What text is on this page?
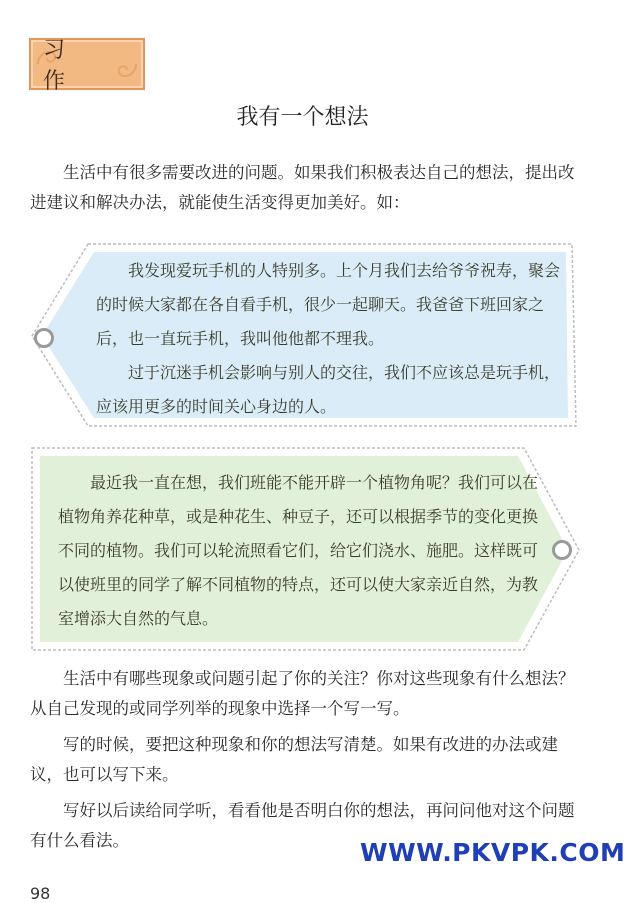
习 作
我有一个想法

生活中有很多需要改进的问题。如果我们积极表达自己的想法，提出改进建议和解决办法，就能使生活变得更加美好。如：

我发现爱玩手机的人特别多。上个月我们去给爷爷祝寿，聚会的时候大家都在各自看手机，很少一起聊天。我爸爸下班回家之后，也一直玩手机，我叫他他都不理我。

过于沉迷手机会影响与别人的交往，我们不应该总是玩手机，应该用更多的时间关心身边的人。

最近我一直在想，我们班能不能开辟一个植物角呢？我们可以在植物角养花种草，或是种花生、种豆子，还可以根据季节的变化更换不同的植物。我们可以轮流照看它们，给它们浇水、施肥。这样既可以使班里的同学了解不同植物的特点，还可以使大家亲近自然，为教室增添大自然的气息。

生活中有哪些现象或问题引起了你的关注？你对这些现象有什么想法？从自己发现的或同学列举的现象中选择一个写一写。

写的时候，要把这种现象和你的想法写清楚。如果有改进的办法或建议，也可以写下来。

写好以后读给同学听，看看他是否明白你的想法，再问问他对这个问题有什么看法。	WWW.PKVPK.COM
98
